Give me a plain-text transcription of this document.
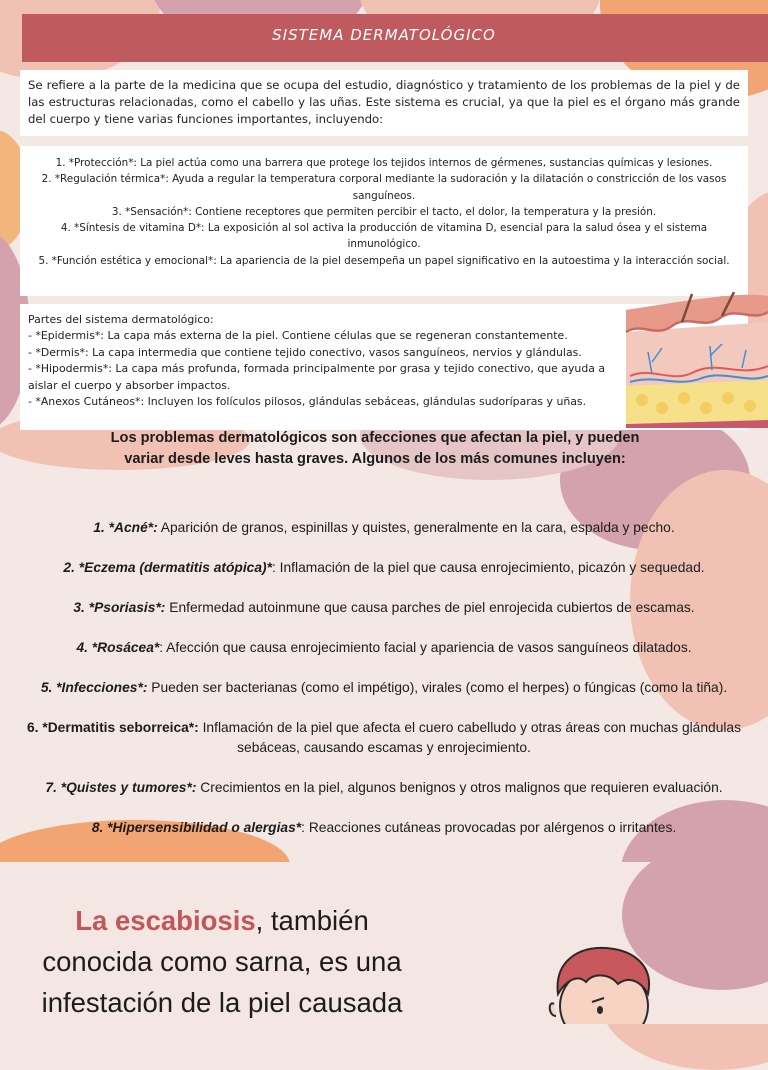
SISTEMA DERMATOLÓGICO
Se refiere a la parte de la medicina que se ocupa del estudio, diagnóstico y tratamiento de los problemas de la piel y de las estructuras relacionadas, como el cabello y las uñas. Este sistema es crucial, ya que la piel es el órgano más grande del cuerpo y tiene varias funciones importantes, incluyendo:
1. *Protección*: La piel actúa como una barrera que protege los tejidos internos de gérmenes, sustancias químicas y lesiones.
2. *Regulación térmica*: Ayuda a regular la temperatura corporal mediante la sudoración y la dilatación o constricción de los vasos sanguíneos.
3. *Sensación*: Contiene receptores que permiten percibir el tacto, el dolor, la temperatura y la presión.
4. *Síntesis de vitamina D*: La exposición al sol activa la producción de vitamina D, esencial para la salud ósea y el sistema inmunológico.
5. *Función estética y emocional*: La apariencia de la piel desempeña un papel significativo en la autoestima y la interacción social.
Partes del sistema dermatológico:
- *Epidermis*: La capa más externa de la piel. Contiene células que se regeneran constantemente.
- *Dermis*: La capa intermedia que contiene tejido conectivo, vasos sanguíneos, nervios y glándulas.
- *Hipodermis*: La capa más profunda, formada principalmente por grasa y tejido conectivo, que ayuda a aislar el cuerpo y absorber impactos.
- *Anexos Cutáneos*: Incluyen los folículos pilosos, glándulas sebáceas, glándulas sudoríparas y uñas.
Los problemas dermatológicos son afecciones que afectan la piel, y pueden variar desde leves hasta graves. Algunos de los más comunes incluyen:
1. *Acné*: Aparición de granos, espinillas y quistes, generalmente en la cara, espalda y pecho.
2. *Eczema (dermatitis atópica)*: Inflamación de la piel que causa enrojecimiento, picazón y sequedad.
3. *Psoriasis*: Enfermedad autoinmune que causa parches de piel enrojecida cubiertos de escamas.
4. *Rosácea*: Afección que causa enrojecimiento facial y apariencia de vasos sanguíneos dilatados.
5. *Infecciones*: Pueden ser bacterianas (como el impétigo), virales (como el herpes) o fúngicas (como la tiña).
6. *Dermatitis seborreica*: Inflamación de la piel que afecta el cuero cabelludo y otras áreas con muchas glándulas sebáceas, causando escamas y enrojecimiento.
7. *Quistes y tumores*: Crecimientos en la piel, algunos benignos y otros malignos que requieren evaluación.
8. *Hipersensibilidad o alergias*: Reacciones cutáneas provocadas por alérgenos o irritantes.
La escabiosis, también conocida como sarna, es una infestación de la piel causada
